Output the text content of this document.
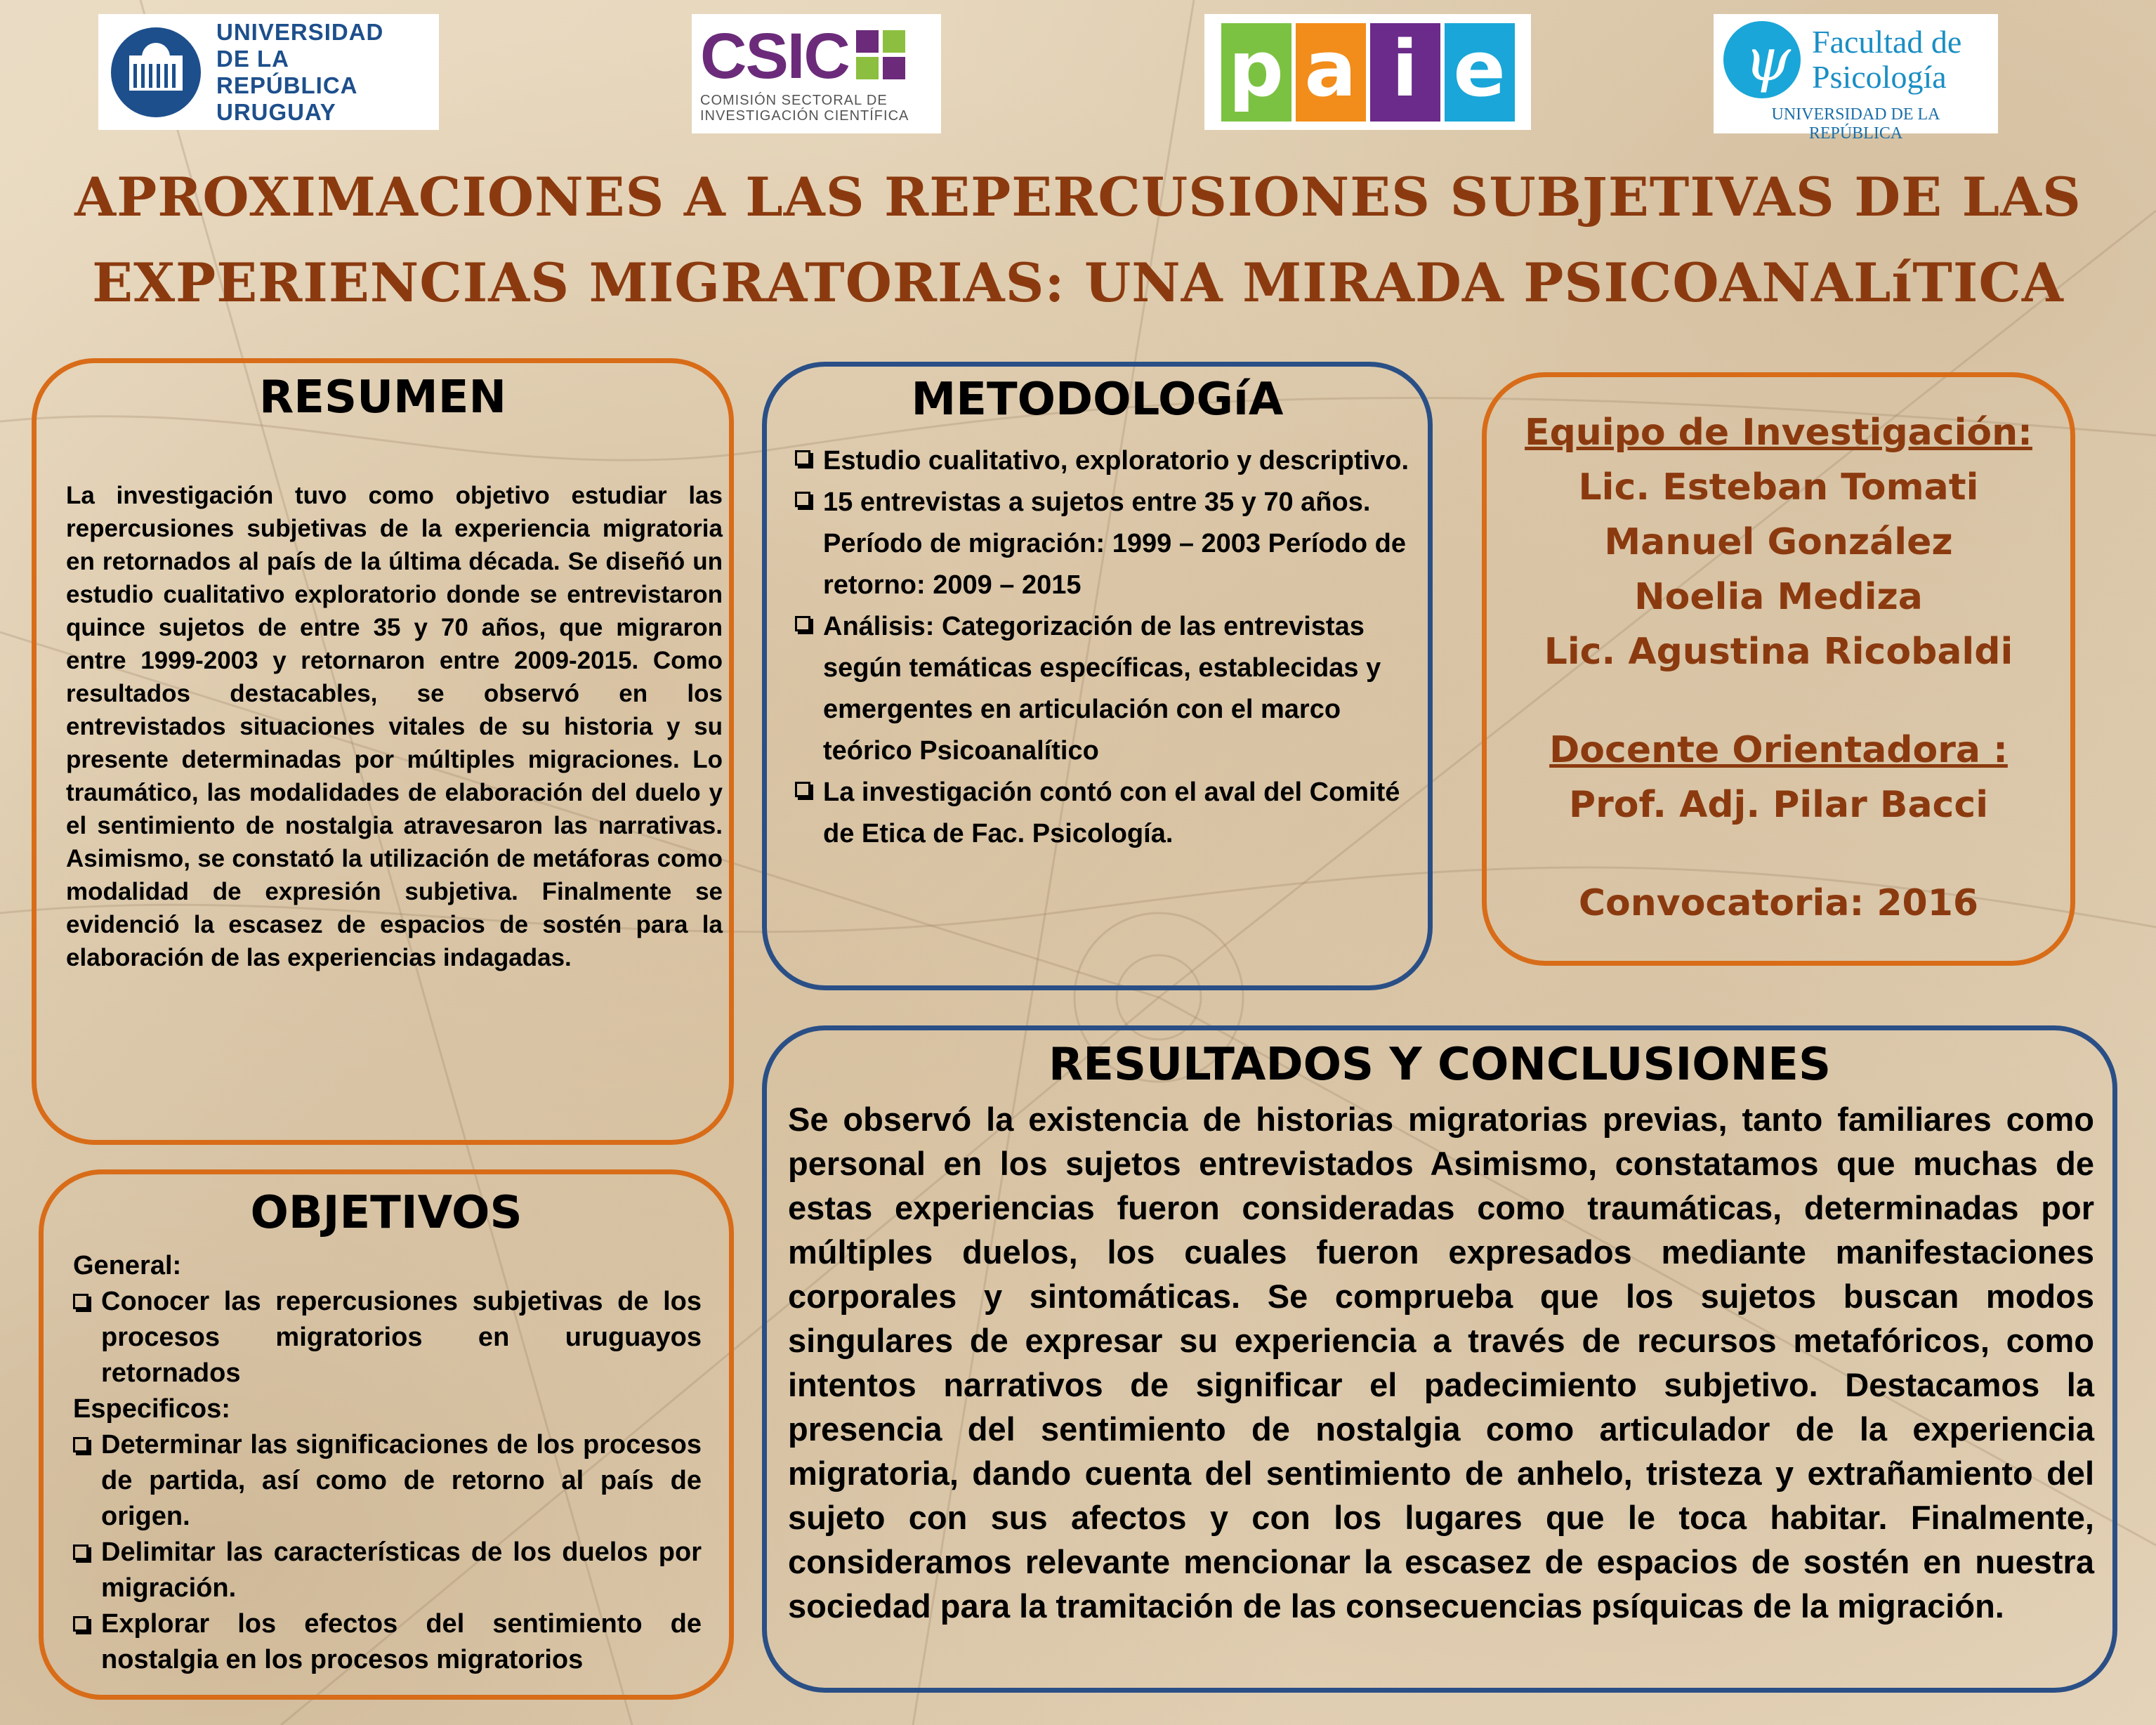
UNIVERSIDAD
DE LA REPÚBLICA
URUGUAY
CSIC
COMISIÓN SECTORAL DE
INVESTIGACIÓN CIENTÍFICA
p a i e	ψ Facultad de
Psicología
UNIVERSIDAD DE LA REPÚBLICA
APROXIMACIONES A LAS REPERCUSIONES SUBJETIVAS DE LAS
EXPERIENCIAS MIGRATORIAS: UNA MIRADA PSICOANALíTICA
RESUMEN

La investigación tuvo como objetivo estudiar las repercusiones subjetivas de la experiencia migratoria en retornados al país de la última década. Se diseñó un estudio cualitativo exploratorio donde se entrevistaron quince sujetos de entre 35 y 70 años, que migraron entre 1999-2003 y retornaron entre 2009-2015. Como resultados destacables, se observó en los entrevistados situaciones vitales de su historia y su presente determinadas por múltiples migraciones. Lo traumático, las modalidades de elaboración del duelo y el sentimiento de nostalgia atravesaron las narrativas. Asimismo, se constató la utilización de metáforas como modalidad de expresión subjetiva. Finalmente se evidenció la escasez de espacios de sostén para la elaboración de las experiencias indagadas.

METODOLOGíA
Estudio cualitativo, exploratorio y descriptivo.
15 entrevistas a sujetos entre 35 y 70 años. Período de migración: 1999 – 2003 Período de retorno: 2009 – 2015
Análisis: Categorización de las entrevistas según temáticas específicas, establecidas y emergentes en articulación con el marco teórico Psicoanalítico
La investigación contó con el aval del Comité de Etica de Fac. Psicología.
Equipo de Investigación:
Lic. Esteban Tomati
Manuel González
Noelia Mediza
Lic. Agustina Ricobaldi
Docente Orientadora :
Prof. Adj. Pilar Bacci
Convocatoria: 2016
OBJETIVOS

General:

Conocer las repercusiones subjetivas de los procesos migratorios en uruguayos retornados

Especificos:

Determinar las significaciones de los procesos de partida, así como de retorno al país de origen.
Delimitar las características de los duelos por migración.
Explorar los efectos del sentimiento de nostalgia en los procesos migratorios
RESULTADOS Y CONCLUSIONES

Se observó la existencia de historias migratorias previas, tanto familiares como personal en los sujetos entrevistados Asimismo, constatamos que muchas de estas experiencias fueron consideradas como traumáticas, determinadas por múltiples duelos, los cuales fueron expresados mediante manifestaciones corporales y sintomáticas. Se comprueba que los sujetos buscan modos singulares de expresar su experiencia a través de recursos metafóricos, como intentos narrativos de significar el padecimiento subjetivo. Destacamos la presencia del sentimiento de nostalgia como articulador de la experiencia migratoria, dando cuenta del sentimiento de anhelo, tristeza y extrañamiento del sujeto con sus afectos y con los lugares que le toca habitar. Finalmente, consideramos relevante mencionar la escasez de espacios de sostén en nuestra sociedad para la tramitación de las consecuencias psíquicas de la migración.
